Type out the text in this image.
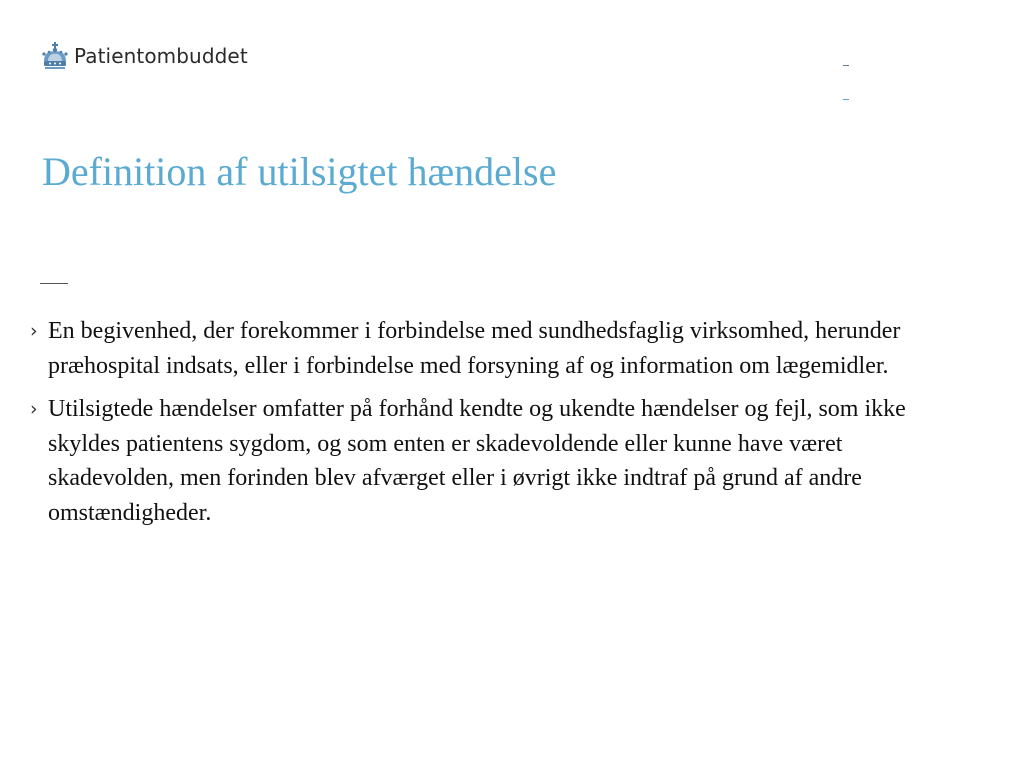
Patientombuddet
Definition af utilsigtet hændelse
› En begivenhed, der forekommer i forbindelse med sundhedsfaglig virksomhed, herunder præhospital indsats, eller i forbindelse med forsyning af og information om lægemidler.
› Utilsigtede hændelser omfatter på forhånd kendte og ukendte hændelser og fejl, som ikke skyldes patientens sygdom, og som enten er skadevoldende eller kunne have været skadevolden, men forinden blev afværget eller i øvrigt ikke indtraf på grund af andre omstændigheder.
